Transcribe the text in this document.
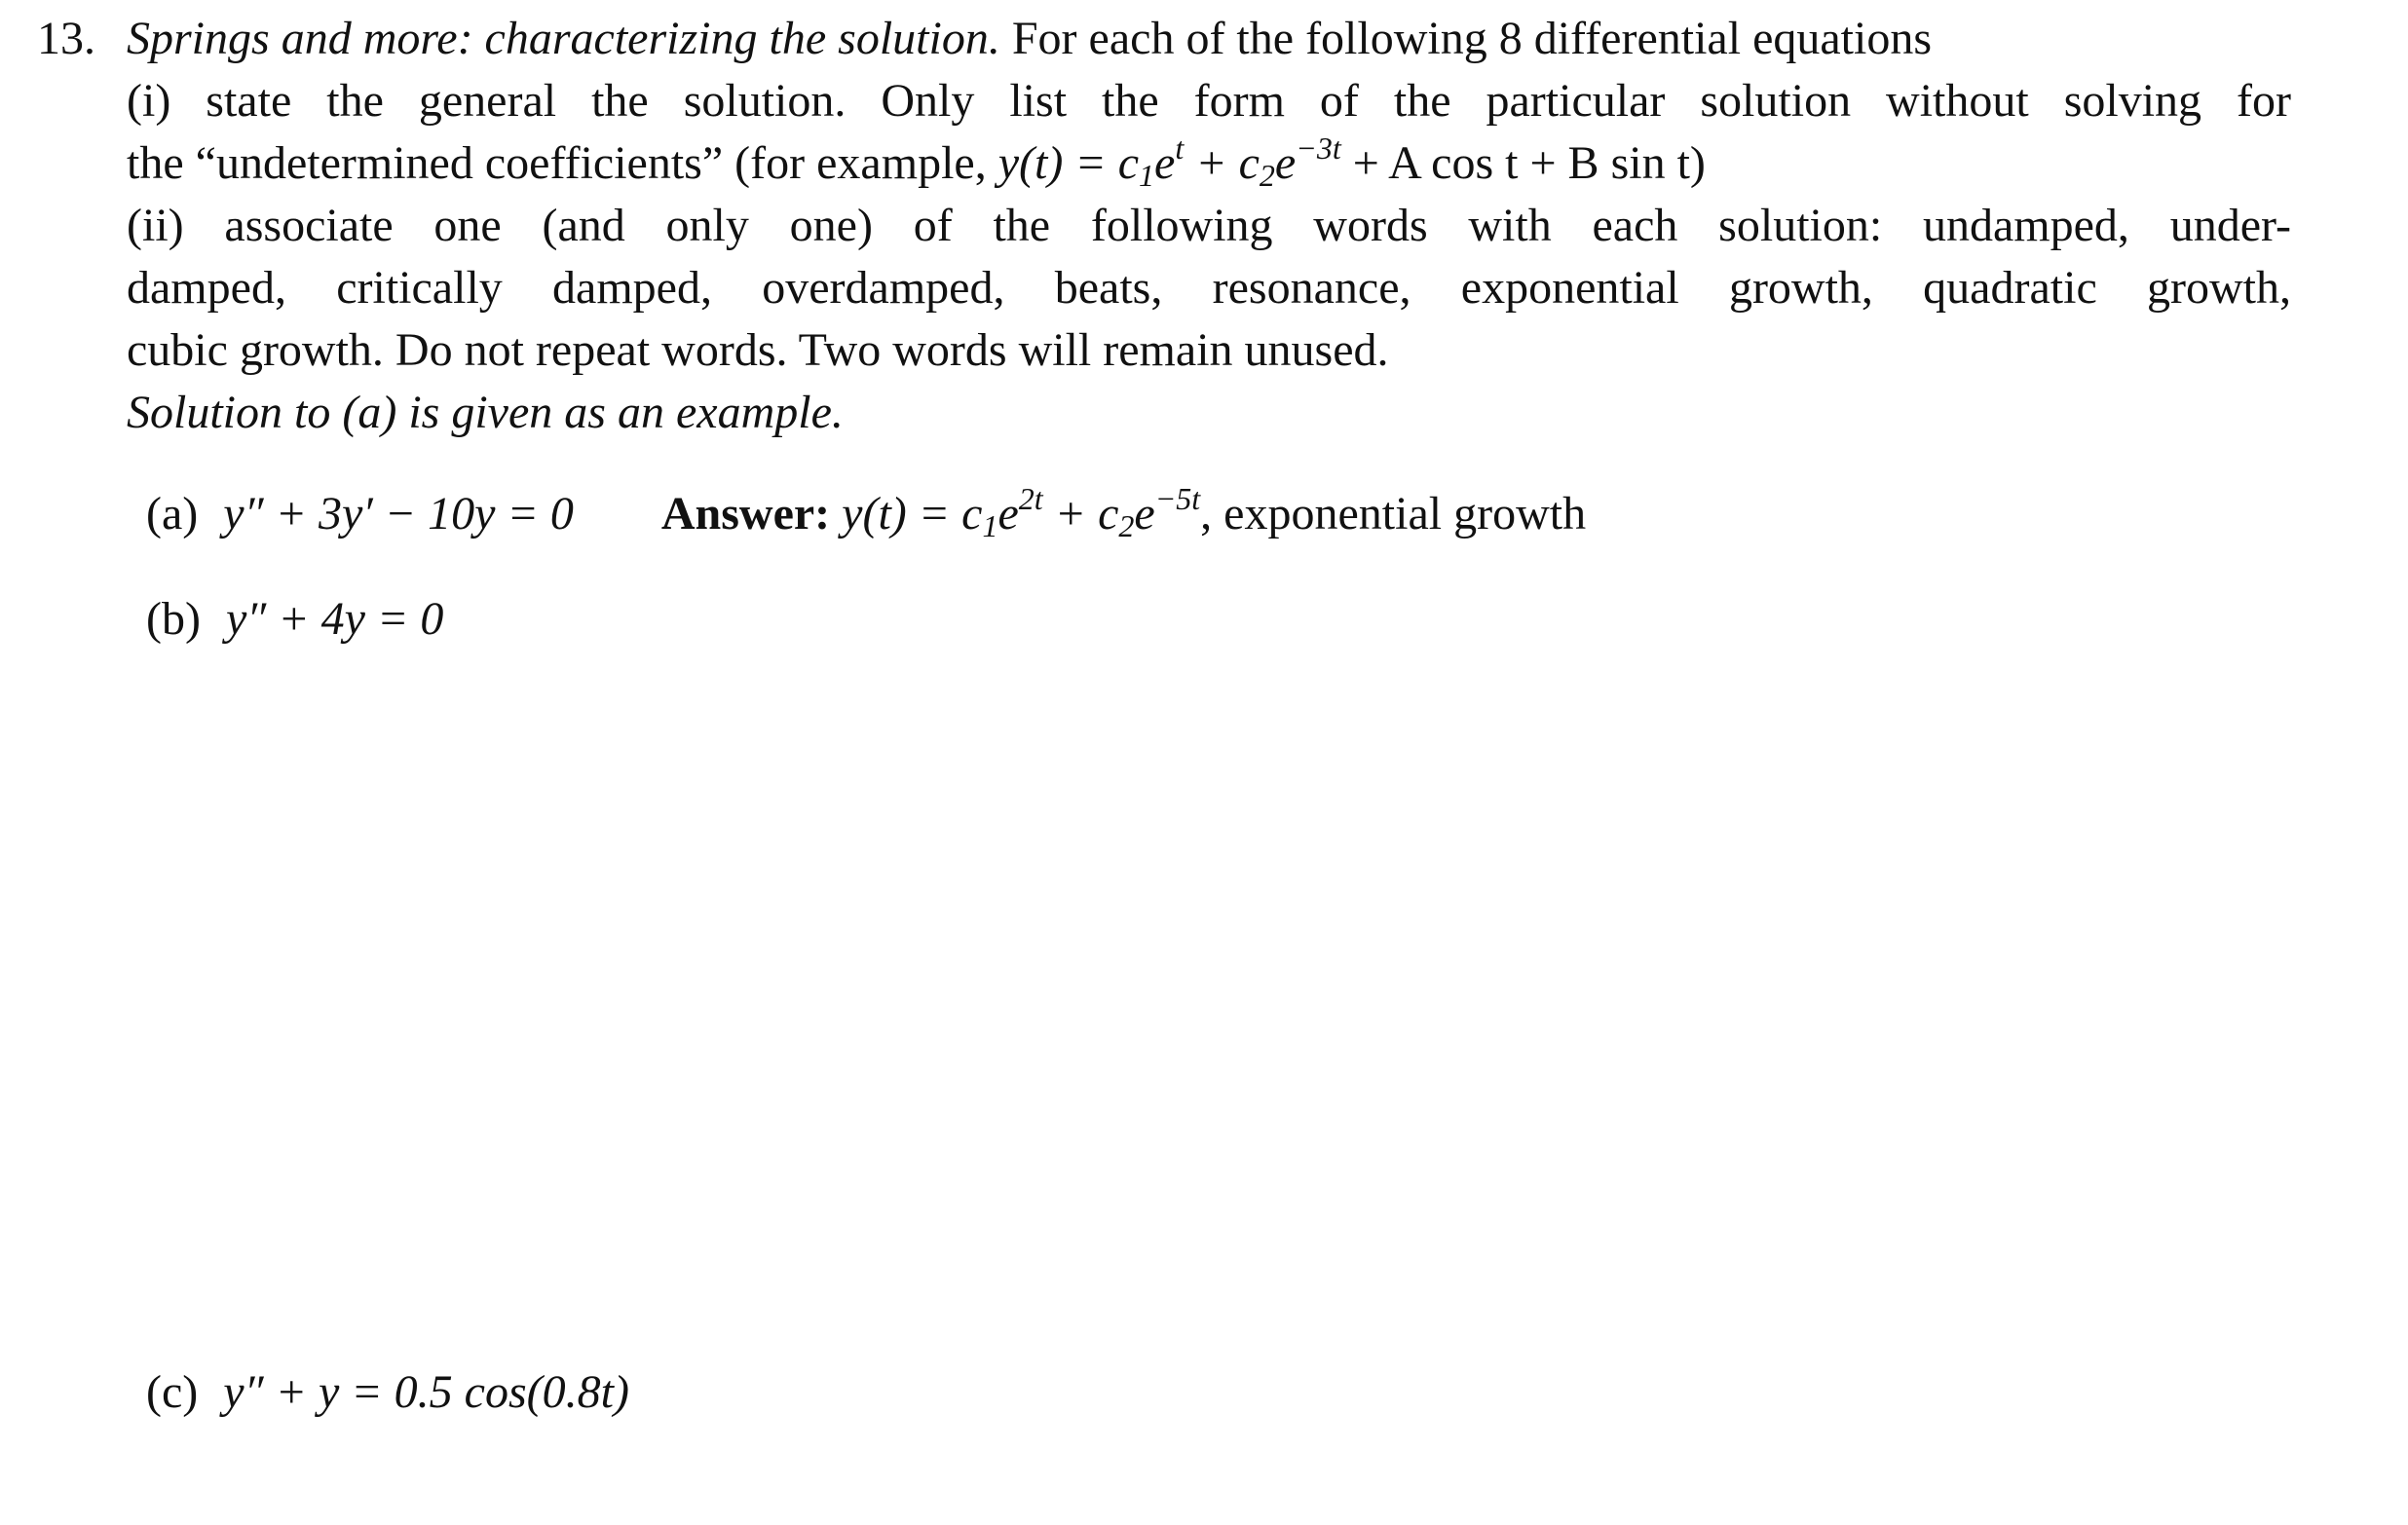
13. Springs and more: characterizing the solution. For each of the following 8 differential equations
(i) state the general the solution. Only list the form of the particular solution without solving for
the “undetermined coefficients” (for example, $y(t) = c_1e^t + c_2e^{-3t} + A$ cos t + B sin t)
(ii) associate one (and only one) of the following words with each solution: undamped, under-
damped, critically damped, overdamped, beats, resonance, exponential growth, quadratic growth,
cubic growth. Do not repeat words. Two words will remain unused.
Solution to (a) is given as an example.
(a) y″ + 3y′ − 10y = 0 Answer: $y(t) = c_1e^{2t} + c_2e^{-5t}$, exponential growth
(b) y″ + 4y = 0
(c) y″ + y = 0.5 cos(0.8t)
